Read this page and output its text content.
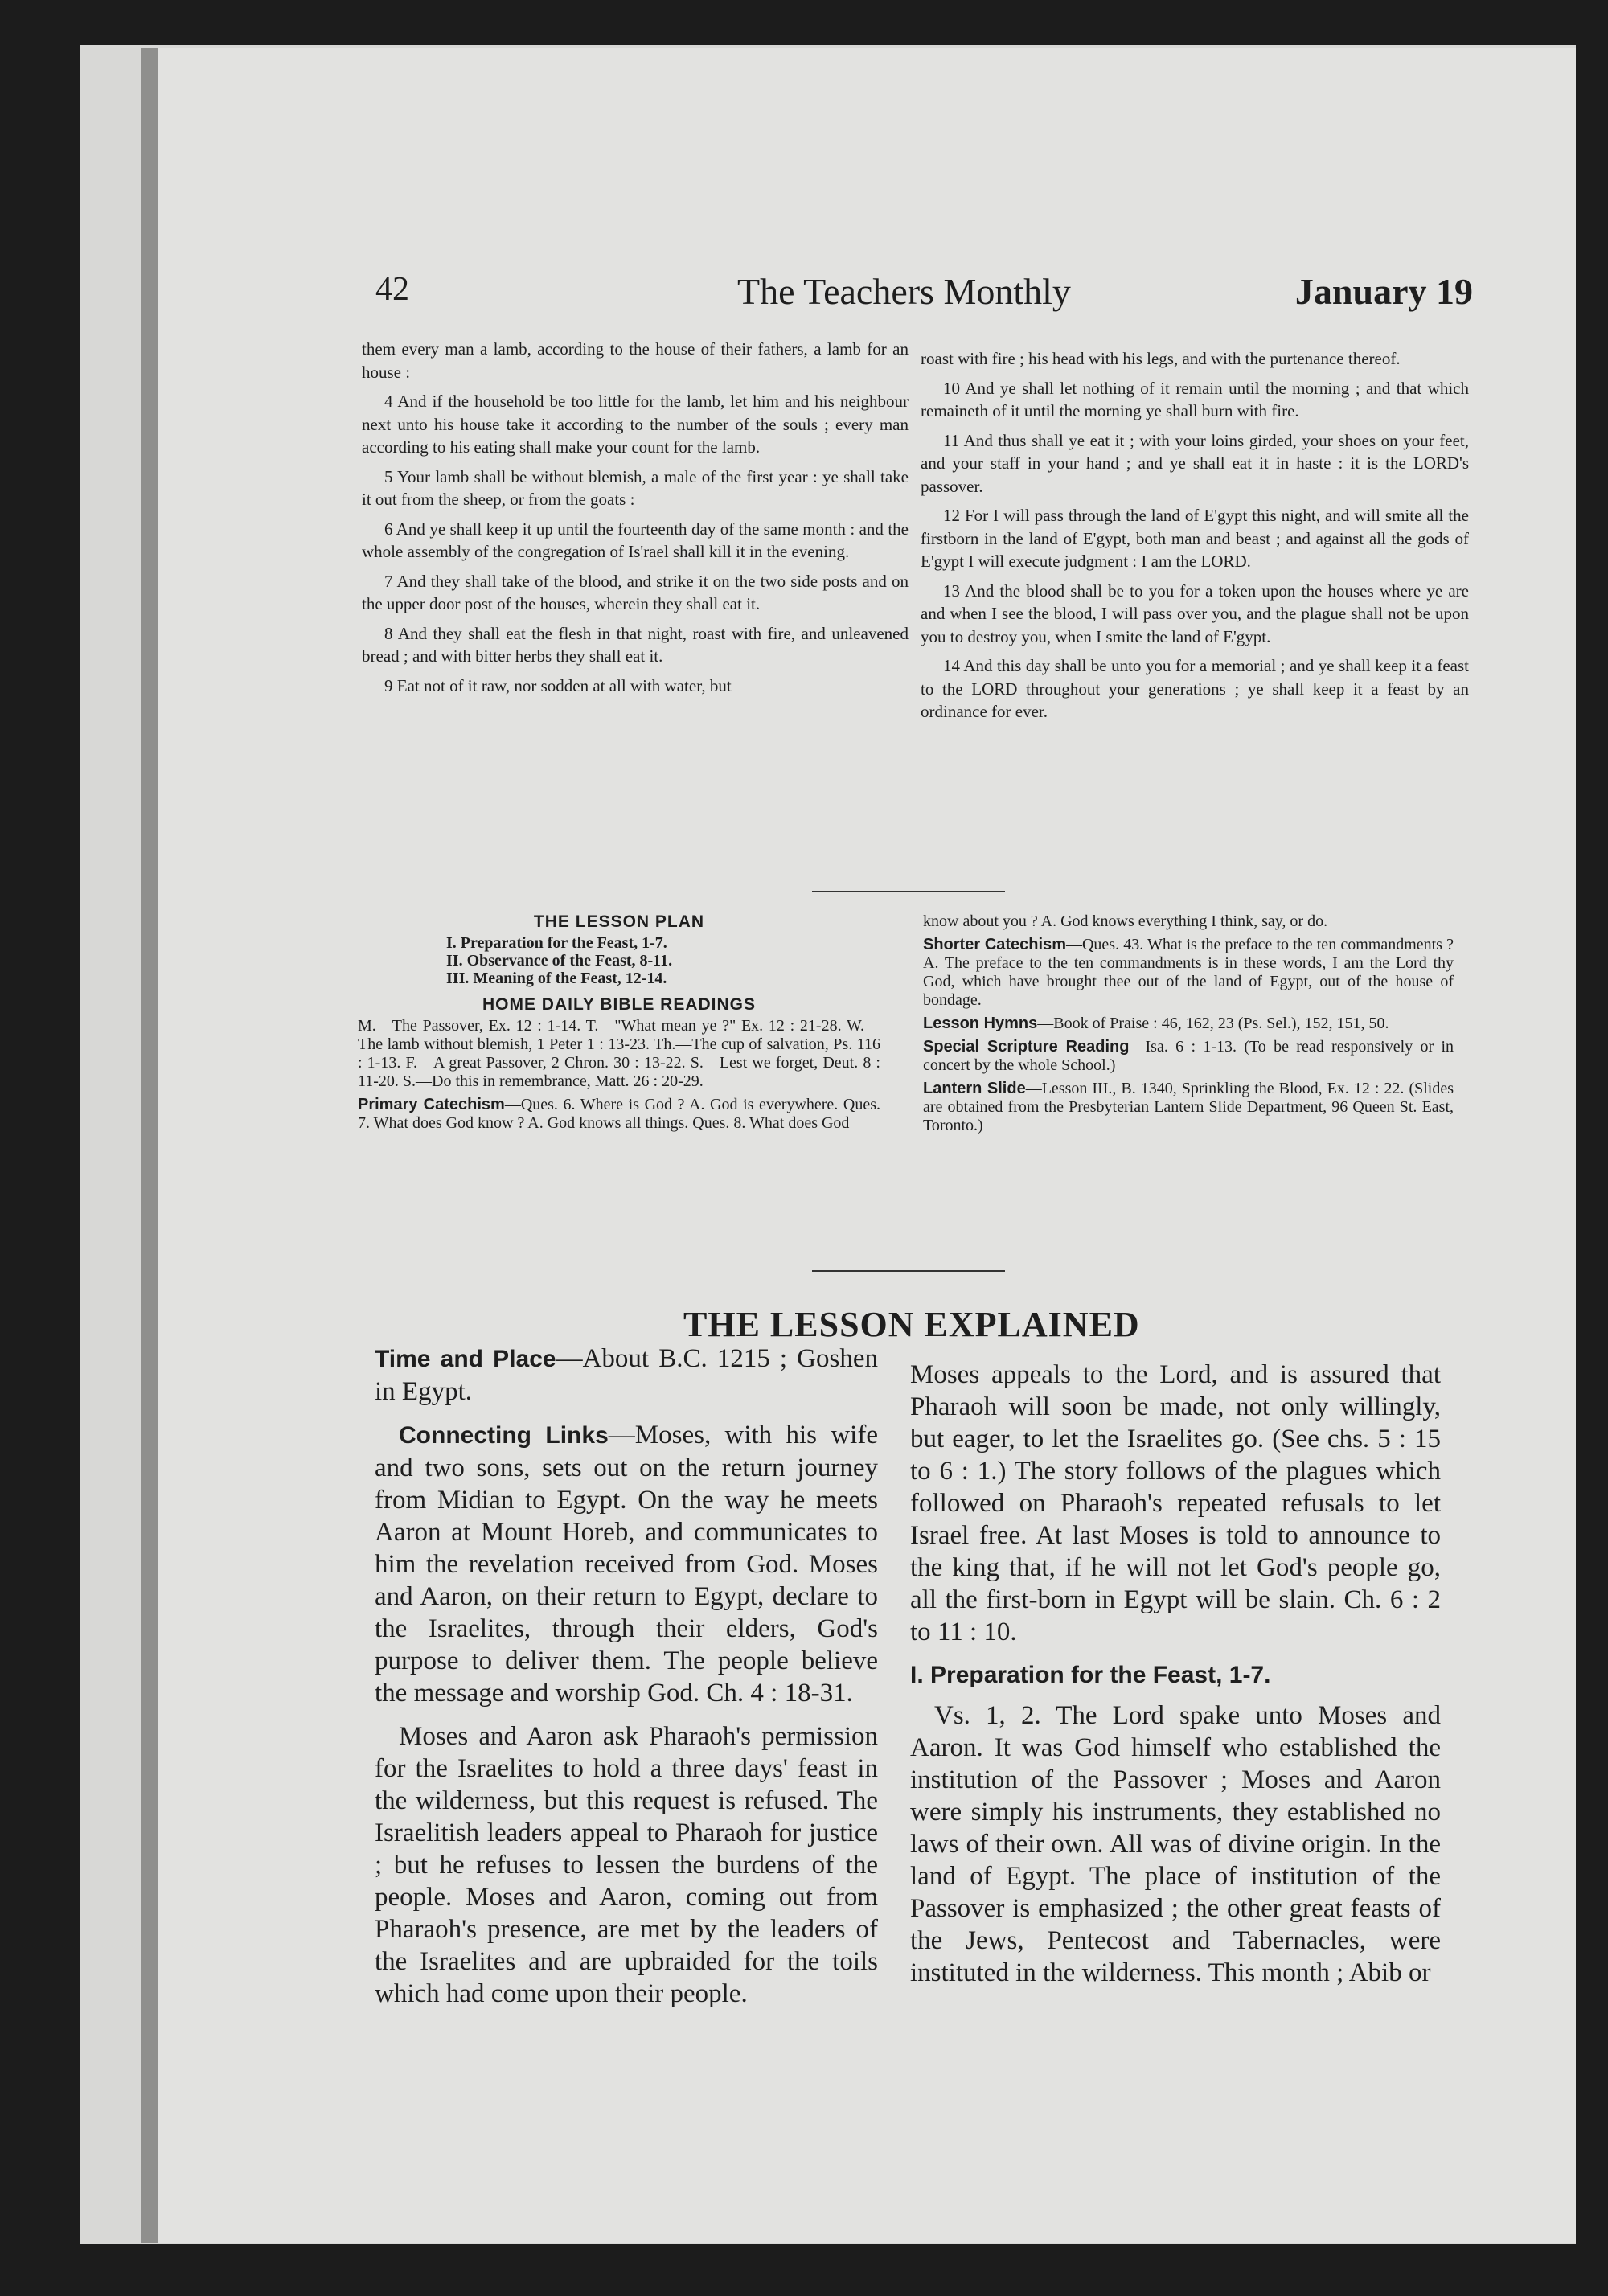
42	The Teachers Monthly	January 19

them every man a lamb, according to the house of their fathers, a lamb for an house :

4 And if the household be too little for the lamb, let him and his neighbour next unto his house take it according to the number of the souls ; every man according to his eating shall make your count for the lamb.

5 Your lamb shall be without blemish, a male of the first year : ye shall take it out from the sheep, or from the goats :

6 And ye shall keep it up until the fourteenth day of the same month : and the whole assembly of the congregation of Is'rael shall kill it in the evening.

7 And they shall take of the blood, and strike it on the two side posts and on the upper door post of the houses, wherein they shall eat it.

8 And they shall eat the flesh in that night, roast with fire, and unleavened bread ; and with bitter herbs they shall eat it.

9 Eat not of it raw, nor sodden at all with water, but

roast with fire ; his head with his legs, and with the purtenance thereof.

10 And ye shall let nothing of it remain until the morning ; and that which remaineth of it until the morning ye shall burn with fire.

11 And thus shall ye eat it ; with your loins girded, your shoes on your feet, and your staff in your hand ; and ye shall eat it in haste : it is the LORD's passover.

12 For I will pass through the land of E'gypt this night, and will smite all the firstborn in the land of E'gypt, both man and beast ; and against all the gods of E'gypt I will execute judgment : I am the LORD.

13 And the blood shall be to you for a token upon the houses where ye are and when I see the blood, I will pass over you, and the plague shall not be upon you to destroy you, when I smite the land of E'gypt.

14 And this day shall be unto you for a memorial ; and ye shall keep it a feast to the LORD throughout your generations ; ye shall keep it a feast by an ordinance for ever.

THE LESSON PLAN
I. Preparation for the Feast, 1-7.
II. Observance of the Feast, 8-11.
III. Meaning of the Feast, 12-14.
HOME DAILY BIBLE READINGS

M.—The Passover, Ex. 12 : 1-14. T.—"What mean ye ?" Ex. 12 : 21-28. W.—The lamb without blemish, 1 Peter 1 : 13-23. Th.—The cup of salvation, Ps. 116 : 1-13. F.—A great Passover, 2 Chron. 30 : 13-22. S.—Lest we forget, Deut. 8 : 11-20. S.—Do this in remembrance, Matt. 26 : 20-29.

Primary Catechism—Ques. 6. Where is God ? A. God is everywhere. Ques. 7. What does God know ? A. God knows all things. Ques. 8. What does God

know about you ? A. God knows everything I think, say, or do.

Shorter Catechism—Ques. 43. What is the preface to the ten commandments ? A. The preface to the ten commandments is in these words, I am the Lord thy God, which have brought thee out of the land of Egypt, out of the house of bondage.

Lesson Hymns—Book of Praise : 46, 162, 23 (Ps. Sel.), 152, 151, 50.

Special Scripture Reading—Isa. 6 : 1-13. (To be read responsively or in concert by the whole School.)

Lantern Slide—Lesson III., B. 1340, Sprinkling the Blood, Ex. 12 : 22. (Slides are obtained from the Presbyterian Lantern Slide Department, 96 Queen St. East, Toronto.)

THE LESSON EXPLAINED

Time and Place—About B.C. 1215 ; Goshen in Egypt.

Connecting Links—Moses, with his wife and two sons, sets out on the return journey from Midian to Egypt. On the way he meets Aaron at Mount Horeb, and communicates to him the revelation received from God. Moses and Aaron, on their return to Egypt, declare to the Israelites, through their elders, God's purpose to deliver them. The people believe the message and worship God. Ch. 4 : 18-31.

Moses and Aaron ask Pharaoh's permission for the Israelites to hold a three days' feast in the wilderness, but this request is refused. The Israelitish leaders appeal to Pharaoh for justice ; but he refuses to lessen the burdens of the people. Moses and Aaron, coming out from Pharaoh's presence, are met by the leaders of the Israelites and are upbraided for the toils which had come upon their people.

Moses appeals to the Lord, and is assured that Pharaoh will soon be made, not only willingly, but eager, to let the Israelites go. (See chs. 5 : 15 to 6 : 1.) The story follows of the plagues which followed on Pharaoh's repeated refusals to let Israel free. At last Moses is told to announce to the king that, if he will not let God's people go, all the first-born in Egypt will be slain. Ch. 6 : 2 to 11 : 10.

I. Preparation for the Feast, 1-7.

Vs. 1, 2. The Lord spake unto Moses and Aaron. It was God himself who established the institution of the Passover ; Moses and Aaron were simply his instruments, they established no laws of their own. All was of divine origin. In the land of Egypt. The place of institution of the Passover is emphasized ; the other great feasts of the Jews, Pentecost and Tabernacles, were instituted in the wilderness. This month ; Abib or
